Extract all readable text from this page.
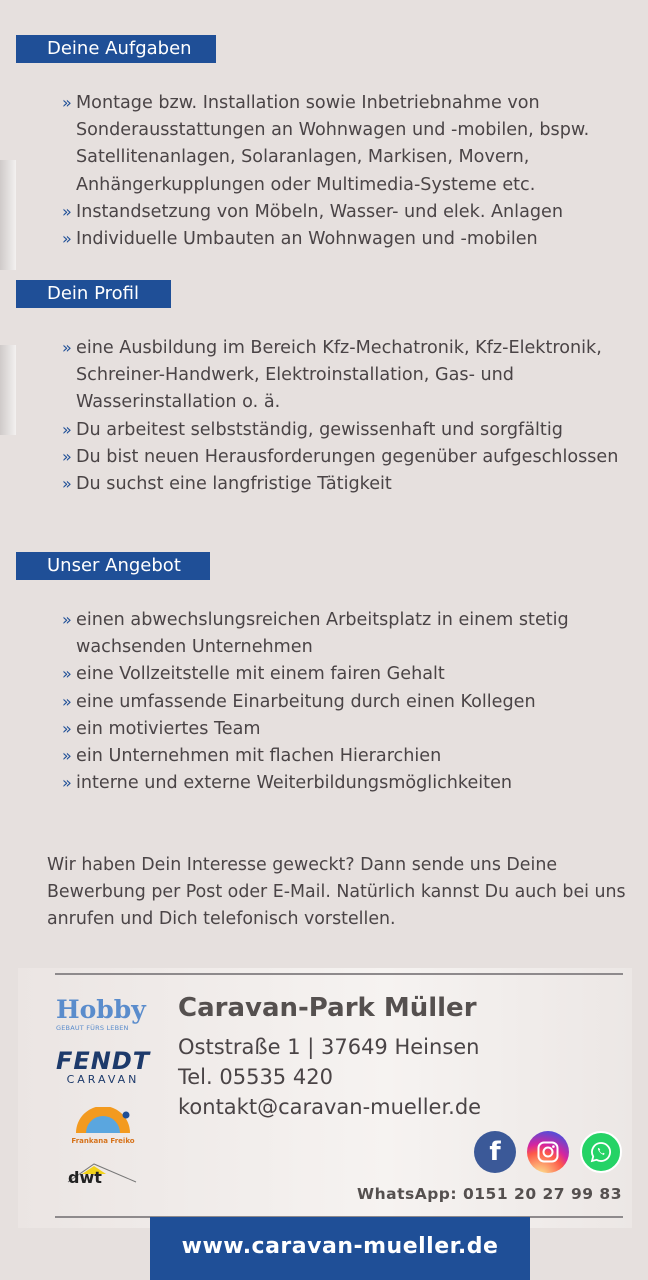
Deine Aufgaben
» Montage bzw. Installation sowie Inbetriebnahme von Sonderausstattungen an Wohnwagen und -mobilen, bspw. Satellitenanlagen, Solaranlagen, Markisen, Movern, Anhängerkupplungen oder Multimedia-Systeme etc.
» Instandsetzung von Möbeln, Wasser- und elek. Anlagen
» Individuelle Umbauten an Wohnwagen und -mobilen
Dein Profil
» eine Ausbildung im Bereich Kfz-Mechatronik, Kfz-Elektronik, Schreiner-Handwerk, Elektroinstallation, Gas- und Wasserinstallation o. ä.
» Du arbeitest selbstständig, gewissenhaft und sorgfältig
» Du bist neuen Herausforderungen gegenüber aufgeschlossen
» Du suchst eine langfristige Tätigkeit
Unser Angebot
» einen abwechslungsreichen Arbeitsplatz in einem stetig wachsenden Unternehmen
» eine Vollzeitstelle mit einem fairen Gehalt
» eine umfassende Einarbeitung durch einen Kollegen
» ein motiviertes Team
» ein Unternehmen mit flachen Hierarchien
» interne und externe Weiterbildungsmöglichkeiten

Wir haben Dein Interesse geweckt? Dann sende uns Deine Bewerbung per Post oder E-Mail. Natürlich kannst Du auch bei uns anrufen und Dich telefonisch vorstellen.

Hobby
GEBAUT FÜRS LEBEN
FENDT
CARAVAN
Frankana Freiko
dwt
Caravan-Park Müller
Oststraße 1 | 37649 Heinsen
Tel. 05535 420
kontakt@caravan-mueller.de
f
WhatsApp: 0151 20 27 99 83
www.caravan-mueller.de
